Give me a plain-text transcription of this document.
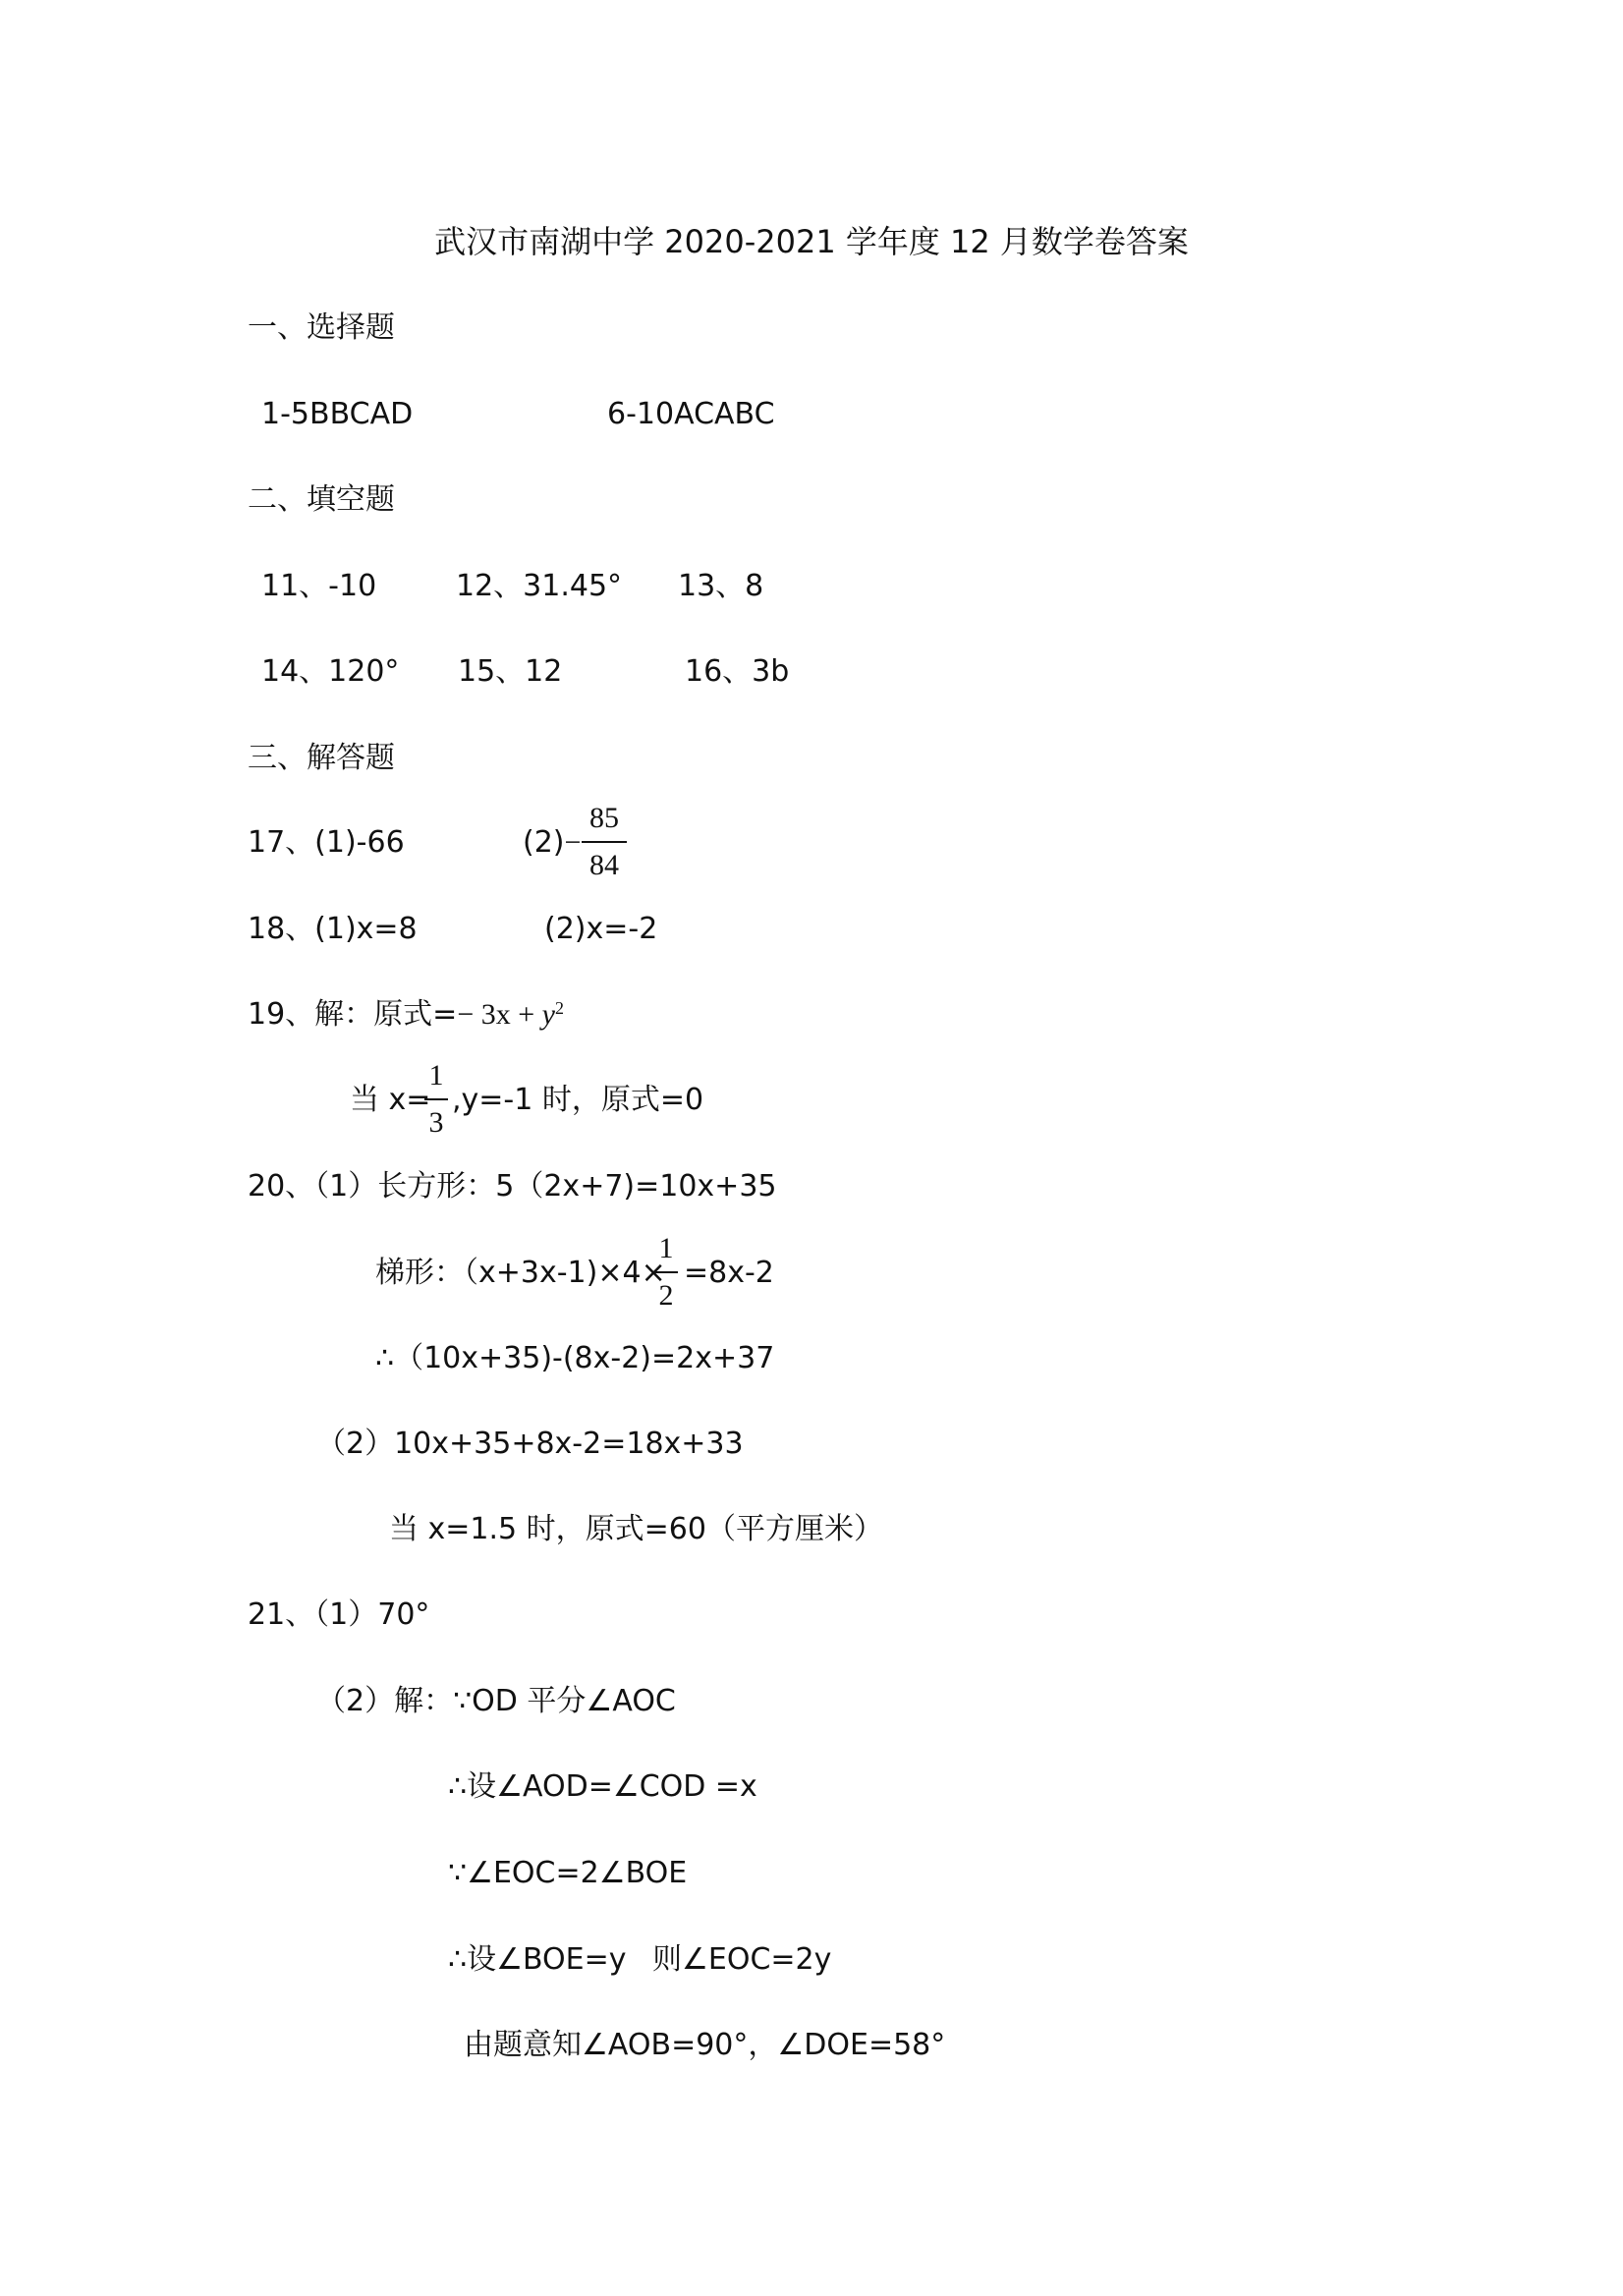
武汉市南湖中学 2020-2021 学年度 12 月数学卷答案
一、选择题
1-5BBCAD	6-10ACABC
二、填空题
11、-10	12、31.45° 13、8
14、120° 15、12	16、3b
三、解答题
17、(1)-66	(2)−
85
84
18、(1)x=8	(2)x=-2
19、解：原式=− $3x + y^2$
当 x=
1
3
,y=-1 时，原式=0
20、（1）长方形：5（2x+7)=10x+35
梯形：（x+3x-1)×4×
1
2
=8x-2
∴（10x+35)-(8x-2)=2x+37
（2）10x+35+8x-2=18x+33
当 x=1.5 时，原式=60（平方厘米）
21、（1）70°
（2）解：∵OD 平分∠AOC
∴设∠AOD=∠COD =x
∵∠EOC=2∠BOE
∴设∠BOE=y 则∠EOC=2y
由题意知∠AOB=90°，∠DOE=58°
